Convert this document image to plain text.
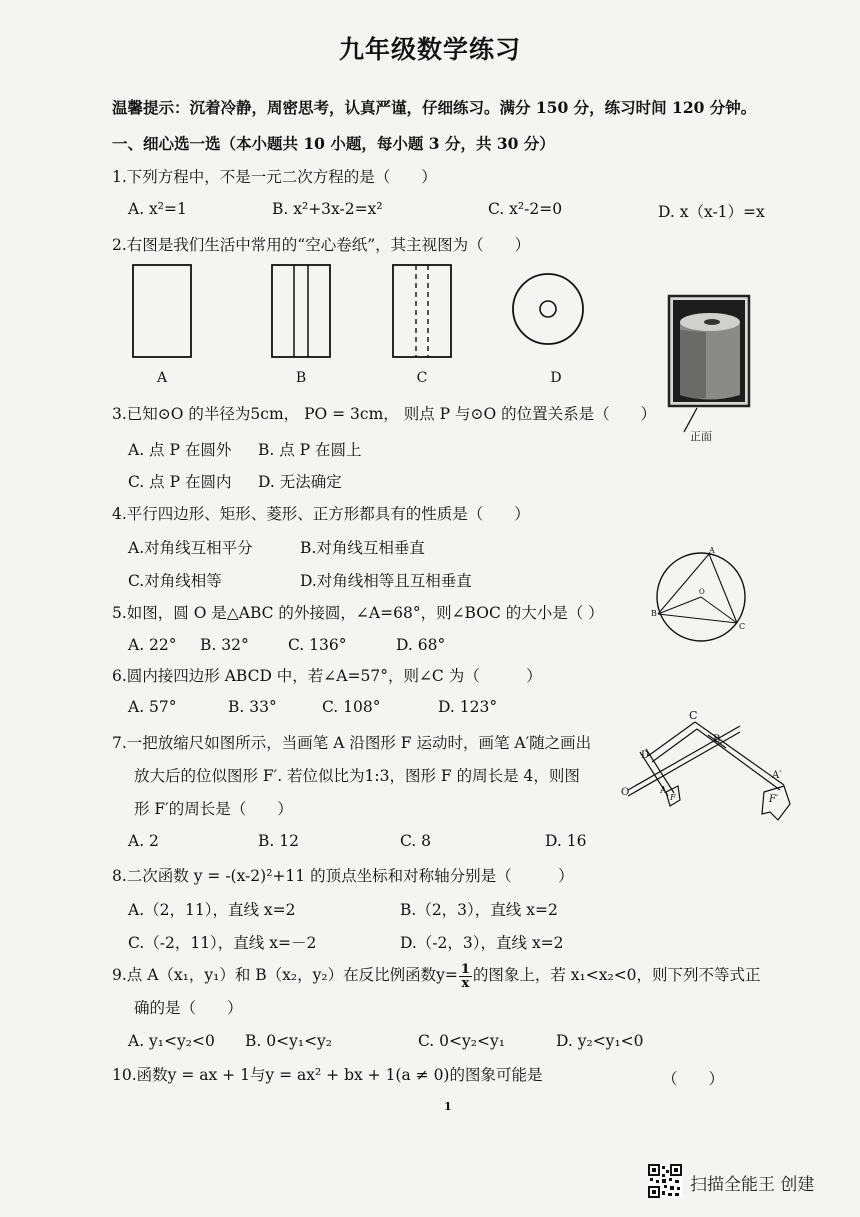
九年级数学练习
温馨提示：沉着冷静，周密思考，认真严谨，仔细练习。满分 150 分，练习时间 120 分钟。
一、细心选一选（本小题共 10 小题，每小题 3 分，共 30 分）
1.下列方程中，不是一元二次方程的是（　　）
A. x²=1	B. x²+3x-2=x²	C. x²-2=0	D. x（x-1）=x
2.右图是我们生活中常用的“空心卷纸”，其主视图为（　　）
A	B	C	D
正面
3.已知⊙O 的半径为5cm， PO = 3cm， 则点 P 与⊙O 的位置关系是（　　）
A. 点 P 在圆外 B. 点 P 在圆上
C. 点 P 在圆内 D. 无法确定
4.平行四边形、矩形、菱形、正方形都具有的性质是（　　）
A.对角线互相平分	B.对角线互相垂直
C.对角线相等	D.对角线相等且互相垂直
5.如图，圆 O 是△ABC 的外接圆，∠A=68°，则∠BOC 的大小是（ ）
A. 22° B. 32°	C. 136°	D. 68°
A
B
C
O
6.圆内接四边形 ABCD 中，若∠A=57°，则∠C 为（　　　）
A. 57°	B. 33°	C. 108°	D. 123°
7.一把放缩尺如图所示，当画笔 A 沿图形 F 运动时，画笔 A′随之画出
放大后的位似图形 F′. 若位似比为1:3，图形 F 的周长是 4，则图
形 F′的周长是（　　）
A. 2	B. 12	C. 8	D. 16
C
D
B
O	A
F
A′
F′
8.二次函数 y = -(x-2)²+11 的顶点坐标和对称轴分别是（　　　）
A.（2，11），直线 x=2	B.（2，3），直线 x=2
C.（-2，11），直线 x=－2	D.（-2，3），直线 x=2
9.点 A（x₁，y₁）和 B（x₂，y₂）在反比例函数$y= \frac{1}{x}$ 的图象上，若 x₁<x₂<0，则下列不等式正
确的是（　　）
A. y₁<y₂<0 B. 0<y₁<y₂	C. 0<y₂<y₁	D. y₂<y₁<0
10.函数y = ax + 1与y = ax² + bx + 1(a ≠ 0)的图象可能是	（　　）
1
扫描全能王 创建
